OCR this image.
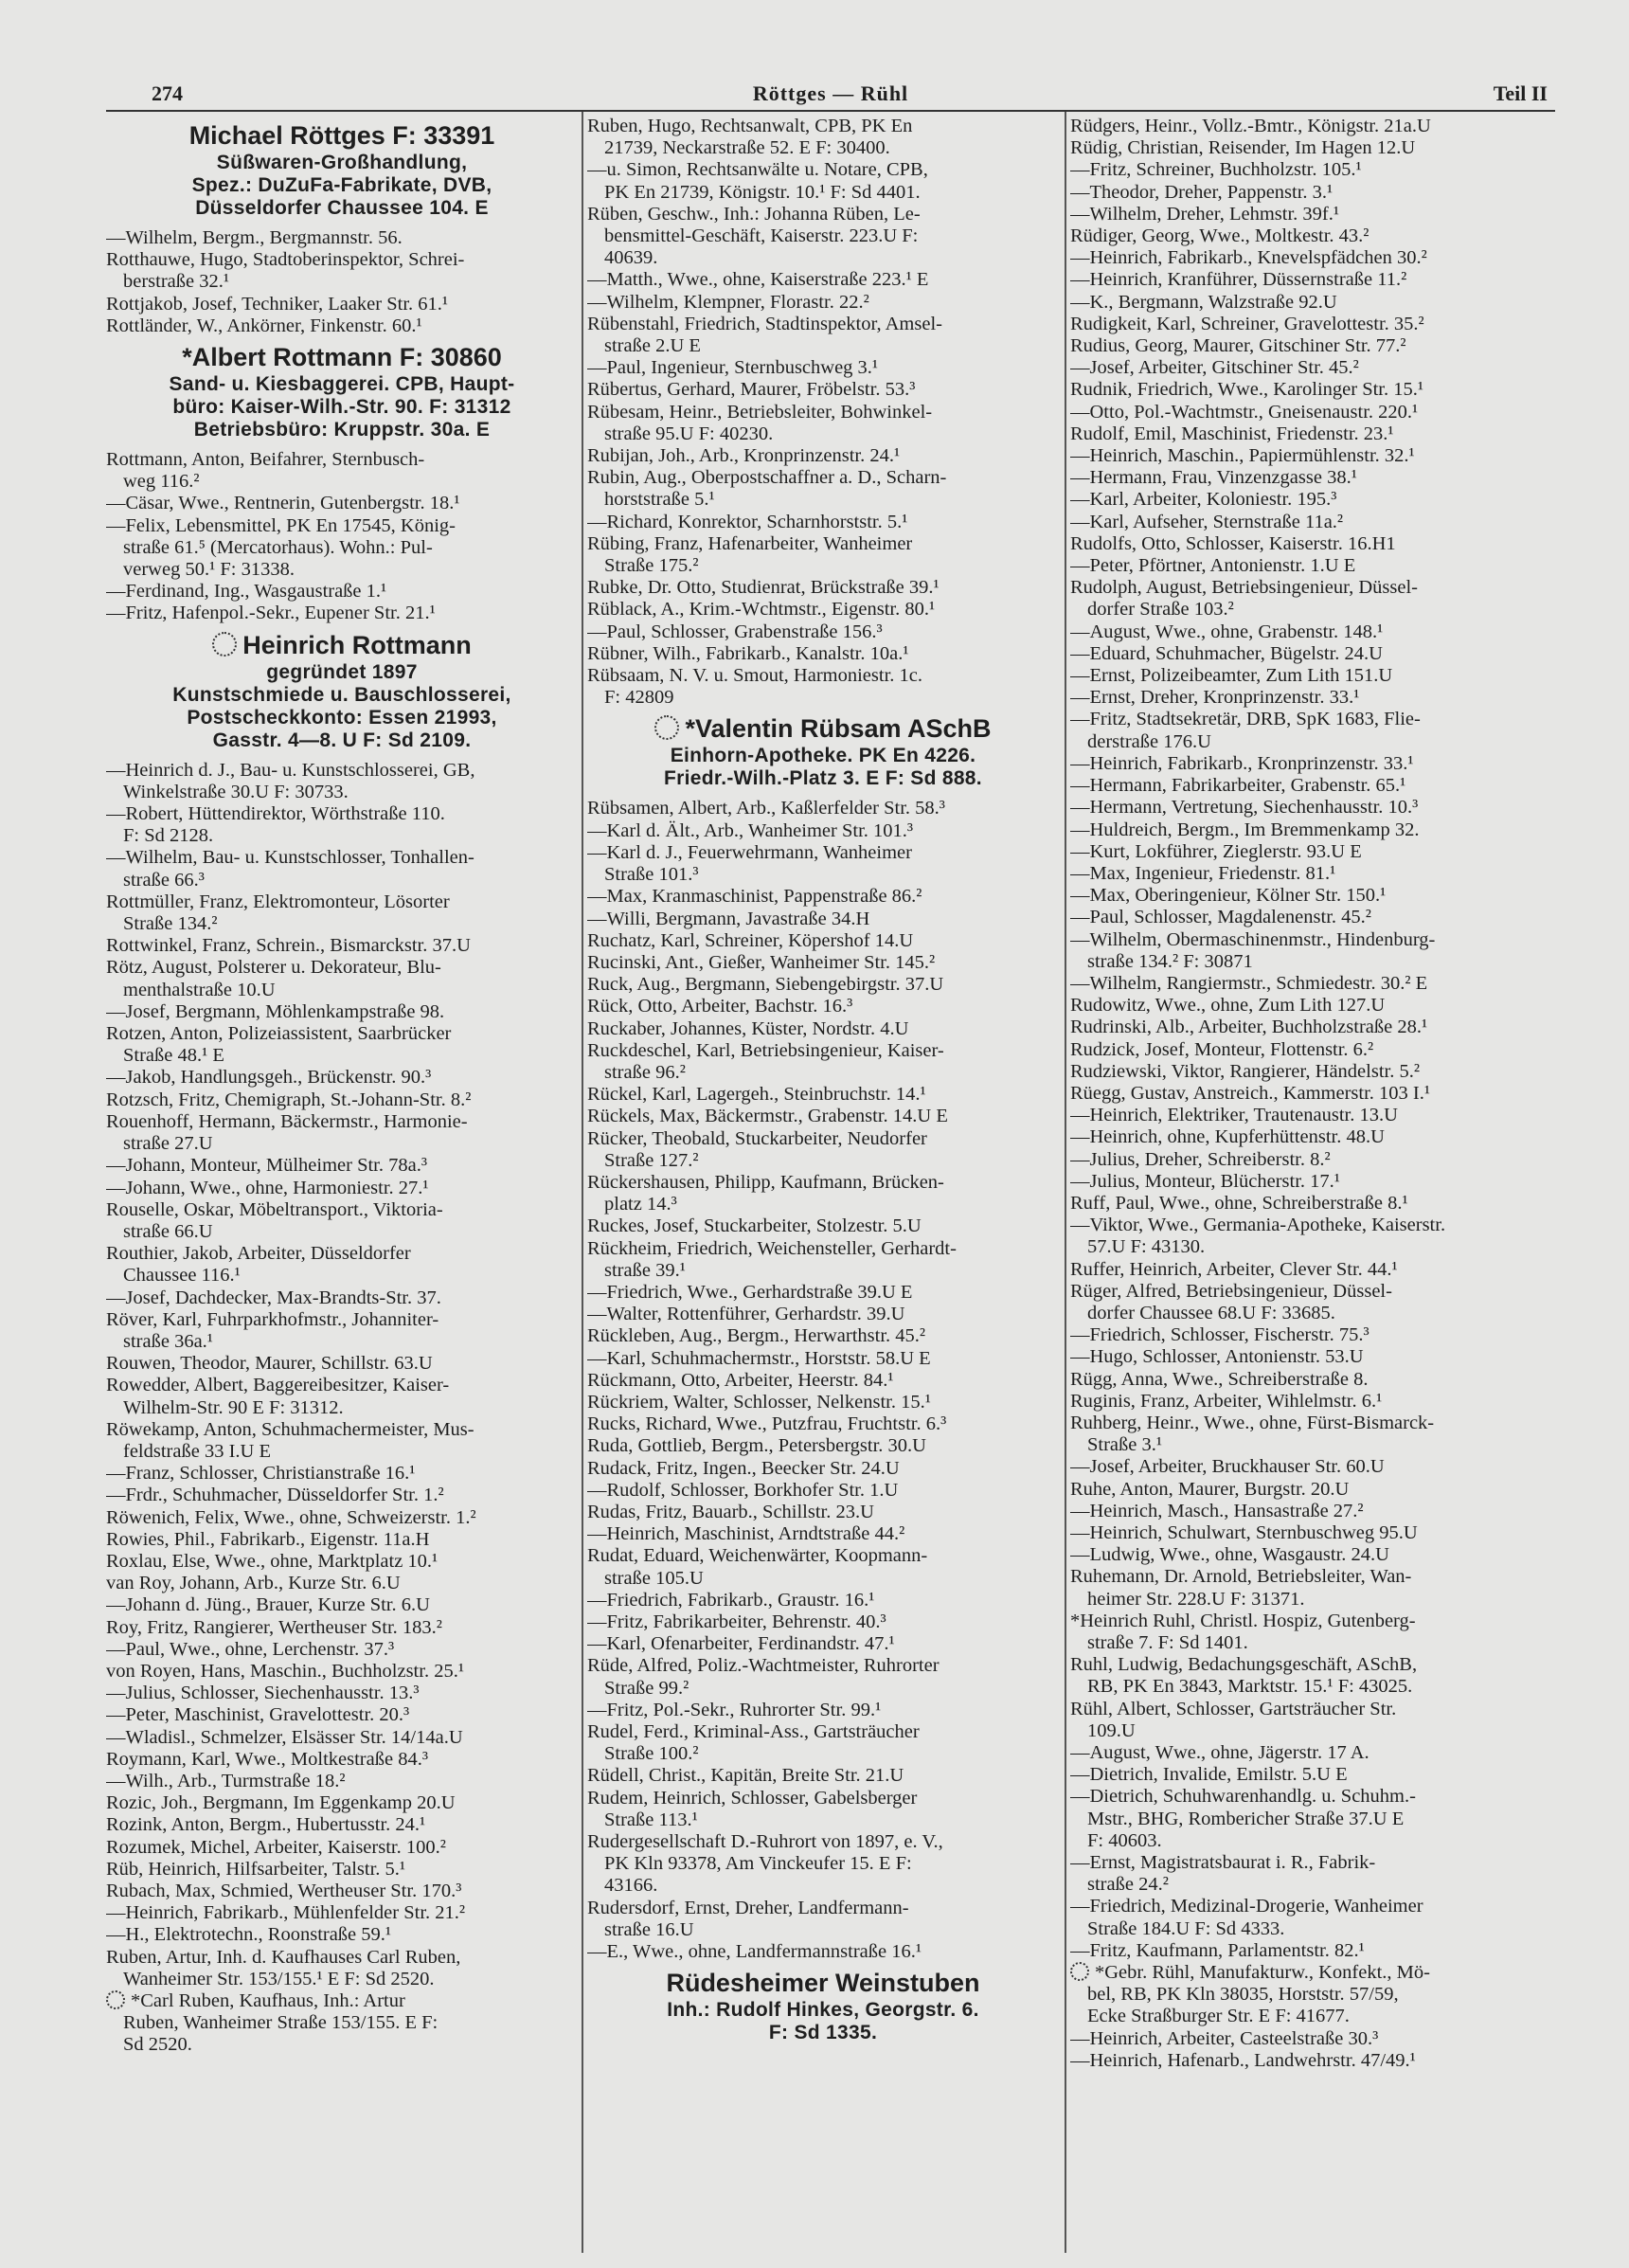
274	Röttges — Rühl	Teil II
Michael Röttges F: 33391
Süßwaren-Großhandlung,
Spez.: DuZuFa-Fabrikate, DVB,
Düsseldorfer Chaussee 104. E
—Wilhelm, Bergm., Bergmannstr. 56.
Rotthauwe, Hugo, Stadtoberinspektor, Schrei-
berstraße 32.¹
Rottjakob, Josef, Techniker, Laaker Str. 61.¹
Rottländer, W., Ankörner, Finkenstr. 60.¹
*Albert Rottmann F: 30860
Sand- u. Kiesbaggerei. CPB, Haupt-
büro: Kaiser-Wilh.-Str. 90. F: 31312
Betriebsbüro: Kruppstr. 30a. E
Rottmann, Anton, Beifahrer, Sternbusch-
weg 116.²
—Cäsar, Wwe., Rentnerin, Gutenbergstr. 18.¹
—Felix, Lebensmittel, PK En 17545, König-
straße 61.⁵ (Mercatorhaus). Wohn.: Pul-
verweg 50.¹ F: 31338.
—Ferdinand, Ing., Wasgaustraße 1.¹
—Fritz, Hafenpol.-Sekr., Eupener Str. 21.¹
Heinrich Rottmann
gegründet 1897
Kunstschmiede u. Bauschlosserei,
Postscheckkonto: Essen 21993,
Gasstr. 4—8. U F: Sd 2109.
—Heinrich d. J., Bau- u. Kunstschlosserei, GB,
Winkelstraße 30.U F: 30733.
—Robert, Hüttendirektor, Wörthstraße 110.
F: Sd 2128.
—Wilhelm, Bau- u. Kunstschlosser, Tonhallen-
straße 66.³
Rottmüller, Franz, Elektromonteur, Lösorter
Straße 134.²
Rottwinkel, Franz, Schrein., Bismarckstr. 37.U
Rötz, August, Polsterer u. Dekorateur, Blu-
menthalstraße 10.U
—Josef, Bergmann, Möhlenkampstraße 98.
Rotzen, Anton, Polizeiassistent, Saarbrücker
Straße 48.¹ E
—Jakob, Handlungsgeh., Brückenstr. 90.³
Rotzsch, Fritz, Chemigraph, St.-Johann-Str. 8.²
Rouenhoff, Hermann, Bäckermstr., Harmonie-
straße 27.U
—Johann, Monteur, Mülheimer Str. 78a.³
—Johann, Wwe., ohne, Harmoniestr. 27.¹
Rouselle, Oskar, Möbeltransport., Viktoria-
straße 66.U
Routhier, Jakob, Arbeiter, Düsseldorfer
Chaussee 116.¹
—Josef, Dachdecker, Max-Brandts-Str. 37.
Röver, Karl, Fuhrparkhofmstr., Johanniter-
straße 36a.¹
Rouwen, Theodor, Maurer, Schillstr. 63.U
Rowedder, Albert, Baggereibesitzer, Kaiser-
Wilhelm-Str. 90 E F: 31312.
Röwekamp, Anton, Schuhmachermeister, Mus-
feldstraße 33 I.U E
—Franz, Schlosser, Christianstraße 16.¹
—Frdr., Schuhmacher, Düsseldorfer Str. 1.²
Röwenich, Felix, Wwe., ohne, Schweizerstr. 1.²
Rowies, Phil., Fabrikarb., Eigenstr. 11a.H
Roxlau, Else, Wwe., ohne, Marktplatz 10.¹
van Roy, Johann, Arb., Kurze Str. 6.U
—Johann d. Jüng., Brauer, Kurze Str. 6.U
Roy, Fritz, Rangierer, Wertheuser Str. 183.²
—Paul, Wwe., ohne, Lerchenstr. 37.³
von Royen, Hans, Maschin., Buchholzstr. 25.¹
—Julius, Schlosser, Siechenhausstr. 13.³
—Peter, Maschinist, Gravelottestr. 20.³
—Wladisl., Schmelzer, Elsässer Str. 14/14a.U
Roymann, Karl, Wwe., Moltkestraße 84.³
—Wilh., Arb., Turmstraße 18.²
Rozic, Joh., Bergmann, Im Eggenkamp 20.U
Rozink, Anton, Bergm., Hubertusstr. 24.¹
Rozumek, Michel, Arbeiter, Kaiserstr. 100.²
Rüb, Heinrich, Hilfsarbeiter, Talstr. 5.¹
Rubach, Max, Schmied, Wertheuser Str. 170.³
—Heinrich, Fabrikarb., Mühlenfelder Str. 21.²
—H., Elektrotechn., Roonstraße 59.¹
Ruben, Artur, Inh. d. Kaufhauses Carl Ruben,
Wanheimer Str. 153/155.¹ E F: Sd 2520.
*Carl Ruben, Kaufhaus, Inh.: Artur
Ruben, Wanheimer Straße 153/155. E F:
Sd 2520.
Ruben, Hugo, Rechtsanwalt, CPB, PK En
21739, Neckarstraße 52. E F: 30400.
—u. Simon, Rechtsanwälte u. Notare, CPB,
PK En 21739, Königstr. 10.¹ F: Sd 4401.
Rüben, Geschw., Inh.: Johanna Rüben, Le-
bensmittel-Geschäft, Kaiserstr. 223.U F:
40639.
—Matth., Wwe., ohne, Kaiserstraße 223.¹ E
—Wilhelm, Klempner, Florastr. 22.²
Rübenstahl, Friedrich, Stadtinspektor, Amsel-
straße 2.U E
—Paul, Ingenieur, Sternbuschweg 3.¹
Rübertus, Gerhard, Maurer, Fröbelstr. 53.³
Rübesam, Heinr., Betriebsleiter, Bohwinkel-
straße 95.U F: 40230.
Rubijan, Joh., Arb., Kronprinzenstr. 24.¹
Rubin, Aug., Oberpostschaffner a. D., Scharn-
horststraße 5.¹
—Richard, Konrektor, Scharnhorststr. 5.¹
Rübing, Franz, Hafenarbeiter, Wanheimer
Straße 175.²
Rubke, Dr. Otto, Studienrat, Brückstraße 39.¹
Rüblack, A., Krim.-Wchtmstr., Eigenstr. 80.¹
—Paul, Schlosser, Grabenstraße 156.³
Rübner, Wilh., Fabrikarb., Kanalstr. 10a.¹
Rübsaam, N. V. u. Smout, Harmoniestr. 1c.
F: 42809
*Valentin Rübsam ASchB
Einhorn-Apotheke. PK En 4226.
Friedr.-Wilh.-Platz 3. E F: Sd 888.
Rübsamen, Albert, Arb., Kaßlerfelder Str. 58.³
—Karl d. Ält., Arb., Wanheimer Str. 101.³
—Karl d. J., Feuerwehrmann, Wanheimer
Straße 101.³
—Max, Kranmaschinist, Pappenstraße 86.²
—Willi, Bergmann, Javastraße 34.H
Ruchatz, Karl, Schreiner, Köpershof 14.U
Rucinski, Ant., Gießer, Wanheimer Str. 145.²
Ruck, Aug., Bergmann, Siebengebirgstr. 37.U
Rück, Otto, Arbeiter, Bachstr. 16.³
Ruckaber, Johannes, Küster, Nordstr. 4.U
Ruckdeschel, Karl, Betriebsingenieur, Kaiser-
straße 96.²
Rückel, Karl, Lagergeh., Steinbruchstr. 14.¹
Rückels, Max, Bäckermstr., Grabenstr. 14.U E
Rücker, Theobald, Stuckarbeiter, Neudorfer
Straße 127.²
Rückershausen, Philipp, Kaufmann, Brücken-
platz 14.³
Ruckes, Josef, Stuckarbeiter, Stolzestr. 5.U
Rückheim, Friedrich, Weichensteller, Gerhardt-
straße 39.¹
—Friedrich, Wwe., Gerhardstraße 39.U E
—Walter, Rottenführer, Gerhardstr. 39.U
Rückleben, Aug., Bergm., Herwarthstr. 45.²
—Karl, Schuhmachermstr., Horststr. 58.U E
Rückmann, Otto, Arbeiter, Heerstr. 84.¹
Rückriem, Walter, Schlosser, Nelkenstr. 15.¹
Rucks, Richard, Wwe., Putzfrau, Fruchtstr. 6.³
Ruda, Gottlieb, Bergm., Petersbergstr. 30.U
Rudack, Fritz, Ingen., Beecker Str. 24.U
—Rudolf, Schlosser, Borkhofer Str. 1.U
Rudas, Fritz, Bauarb., Schillstr. 23.U
—Heinrich, Maschinist, Arndtstraße 44.²
Rudat, Eduard, Weichenwärter, Koopmann-
straße 105.U
—Friedrich, Fabrikarb., Graustr. 16.¹
—Fritz, Fabrikarbeiter, Behrenstr. 40.³
—Karl, Ofenarbeiter, Ferdinandstr. 47.¹
Rüde, Alfred, Poliz.-Wachtmeister, Ruhrorter
Straße 99.²
—Fritz, Pol.-Sekr., Ruhrorter Str. 99.¹
Rudel, Ferd., Kriminal-Ass., Gartsträucher
Straße 100.²
Rüdell, Christ., Kapitän, Breite Str. 21.U
Rudem, Heinrich, Schlosser, Gabelsberger
Straße 113.¹
Rudergesellschaft D.-Ruhrort von 1897, e. V.,
PK Kln 93378, Am Vinckeufer 15. E F:
43166.
Rudersdorf, Ernst, Dreher, Landfermann-
straße 16.U
—E., Wwe., ohne, Landfermannstraße 16.¹
Rüdesheimer Weinstuben
Inh.: Rudolf Hinkes, Georgstr. 6.
F: Sd 1335.
Rüdgers, Heinr., Vollz.-Bmtr., Königstr. 21a.U
Rüdig, Christian, Reisender, Im Hagen 12.U
—Fritz, Schreiner, Buchholzstr. 105.¹
—Theodor, Dreher, Pappenstr. 3.¹
—Wilhelm, Dreher, Lehmstr. 39f.¹
Rüdiger, Georg, Wwe., Moltkestr. 43.²
—Heinrich, Fabrikarb., Knevelspfädchen 30.²
—Heinrich, Kranführer, Düssernstraße 11.²
—K., Bergmann, Walzstraße 92.U
Rudigkeit, Karl, Schreiner, Gravelottestr. 35.²
Rudius, Georg, Maurer, Gitschiner Str. 77.²
—Josef, Arbeiter, Gitschiner Str. 45.²
Rudnik, Friedrich, Wwe., Karolinger Str. 15.¹
—Otto, Pol.-Wachtmstr., Gneisenaustr. 220.¹
Rudolf, Emil, Maschinist, Friedenstr. 23.¹
—Heinrich, Maschin., Papiermühlenstr. 32.¹
—Hermann, Frau, Vinzenzgasse 38.¹
—Karl, Arbeiter, Koloniestr. 195.³
—Karl, Aufseher, Sternstraße 11a.²
Rudolfs, Otto, Schlosser, Kaiserstr. 16.H1
—Peter, Pförtner, Antonienstr. 1.U E
Rudolph, August, Betriebsingenieur, Düssel-
dorfer Straße 103.²
—August, Wwe., ohne, Grabenstr. 148.¹
—Eduard, Schuhmacher, Bügelstr. 24.U
—Ernst, Polizeibeamter, Zum Lith 151.U
—Ernst, Dreher, Kronprinzenstr. 33.¹
—Fritz, Stadtsekretär, DRB, SpK 1683, Flie-
derstraße 176.U
—Heinrich, Fabrikarb., Kronprinzenstr. 33.¹
—Hermann, Fabrikarbeiter, Grabenstr. 65.¹
—Hermann, Vertretung, Siechenhausstr. 10.³
—Huldreich, Bergm., Im Bremmenkamp 32.
—Kurt, Lokführer, Zieglerstr. 93.U E
—Max, Ingenieur, Friedenstr. 81.¹
—Max, Oberingenieur, Kölner Str. 150.¹
—Paul, Schlosser, Magdalenenstr. 45.²
—Wilhelm, Obermaschinenmstr., Hindenburg-
straße 134.² F: 30871
—Wilhelm, Rangiermstr., Schmiedestr. 30.² E
Rudowitz, Wwe., ohne, Zum Lith 127.U
Rudrinski, Alb., Arbeiter, Buchholzstraße 28.¹
Rudzick, Josef, Monteur, Flottenstr. 6.²
Rudziewski, Viktor, Rangierer, Händelstr. 5.²
Rüegg, Gustav, Anstreich., Kammerstr. 103 I.¹
—Heinrich, Elektriker, Trautenaustr. 13.U
—Heinrich, ohne, Kupferhüttenstr. 48.U
—Julius, Dreher, Schreiberstr. 8.²
—Julius, Monteur, Blücherstr. 17.¹
Ruff, Paul, Wwe., ohne, Schreiberstraße 8.¹
—Viktor, Wwe., Germania-Apotheke, Kaiserstr.
57.U F: 43130.
Ruffer, Heinrich, Arbeiter, Clever Str. 44.¹
Rüger, Alfred, Betriebsingenieur, Düssel-
dorfer Chaussee 68.U F: 33685.
—Friedrich, Schlosser, Fischerstr. 75.³
—Hugo, Schlosser, Antonienstr. 53.U
Rügg, Anna, Wwe., Schreiberstraße 8.
Ruginis, Franz, Arbeiter, Wihlelmstr. 6.¹
Ruhberg, Heinr., Wwe., ohne, Fürst-Bismarck-
Straße 3.¹
—Josef, Arbeiter, Bruckhauser Str. 60.U
Ruhe, Anton, Maurer, Burgstr. 20.U
—Heinrich, Masch., Hansastraße 27.²
—Heinrich, Schulwart, Sternbuschweg 95.U
—Ludwig, Wwe., ohne, Wasgaustr. 24.U
Ruhemann, Dr. Arnold, Betriebsleiter, Wan-
heimer Str. 228.U F: 31371.
*Heinrich Ruhl, Christl. Hospiz, Gutenberg-
straße 7. F: Sd 1401.
Ruhl, Ludwig, Bedachungsgeschäft, ASchB,
RB, PK En 3843, Marktstr. 15.¹ F: 43025.
Rühl, Albert, Schlosser, Gartsträucher Str.
109.U
—August, Wwe., ohne, Jägerstr. 17 A.
—Dietrich, Invalide, Emilstr. 5.U E
—Dietrich, Schuhwarenhandlg. u. Schuhm.-
Mstr., BHG, Rombericher Straße 37.U E
F: 40603.
—Ernst, Magistratsbaurat i. R., Fabrik-
straße 24.²
—Friedrich, Medizinal-Drogerie, Wanheimer
Straße 184.U F: Sd 4333.
—Fritz, Kaufmann, Parlamentstr. 82.¹
*Gebr. Rühl, Manufakturw., Konfekt., Mö-
bel, RB, PK Kln 38035, Horststr. 57/59,
Ecke Straßburger Str. E F: 41677.
—Heinrich, Arbeiter, Casteelstraße 30.³
—Heinrich, Hafenarb., Landwehrstr. 47/49.¹
